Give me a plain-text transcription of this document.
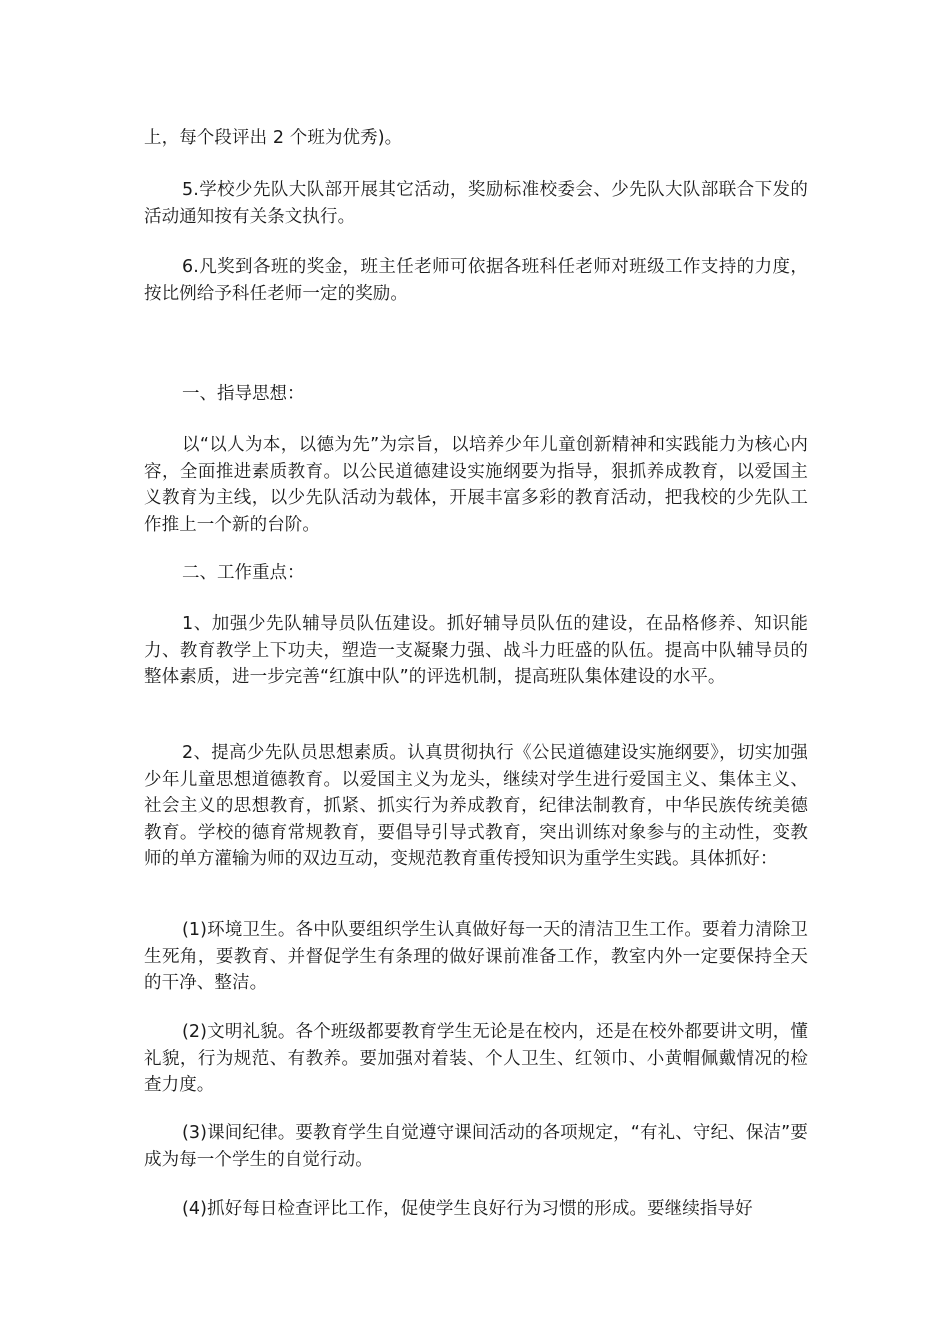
上，每个段评出 2 个班为优秀)。

5.学校少先队大队部开展其它活动，奖励标准校委会、少先队大队部联合下发的活动通知按有关条文执行。

6.凡奖到各班的奖金，班主任老师可依据各班科任老师对班级工作支持的力度，按比例给予科任老师一定的奖励。

一、指导思想：

以“以人为本，以德为先”为宗旨，以培养少年儿童创新精神和实践能力为核心内容，全面推进素质教育。以公民道德建设实施纲要为指导，狠抓养成教育，以爱国主义教育为主线，以少先队活动为载体，开展丰富多彩的教育活动，把我校的少先队工作推上一个新的台阶。

二、工作重点：

1、加强少先队辅导员队伍建设。抓好辅导员队伍的建设，在品格修养、知识能力、教育教学上下功夫，塑造一支凝聚力强、战斗力旺盛的队伍。提高中队辅导员的整体素质，进一步完善“红旗中队”的评选机制，提高班队集体建设的水平。

2、提高少先队员思想素质。认真贯彻执行《公民道德建设实施纲要》，切实加强少年儿童思想道德教育。以爱国主义为龙头，继续对学生进行爱国主义、集体主义、社会主义的思想教育，抓紧、抓实行为养成教育，纪律法制教育，中华民族传统美德教育。学校的德育常规教育，要倡导引导式教育，突出训练对象参与的主动性，变教师的单方灌输为师的双边互动，变规范教育重传授知识为重学生实践。具体抓好：

(1)环境卫生。各中队要组织学生认真做好每一天的清洁卫生工作。要着力清除卫生死角，要教育、并督促学生有条理的做好课前准备工作，教室内外一定要保持全天的干净、整洁。

(2)文明礼貌。各个班级都要教育学生无论是在校内，还是在校外都要讲文明，懂礼貌，行为规范、有教养。要加强对着装、个人卫生、红领巾、小黄帽佩戴情况的检查力度。

(3)课间纪律。要教育学生自觉遵守课间活动的各项规定，“有礼、守纪、保洁”要成为每一个学生的自觉行动。

(4)抓好每日检查评比工作，促使学生良好行为习惯的形成。要继续指导好
